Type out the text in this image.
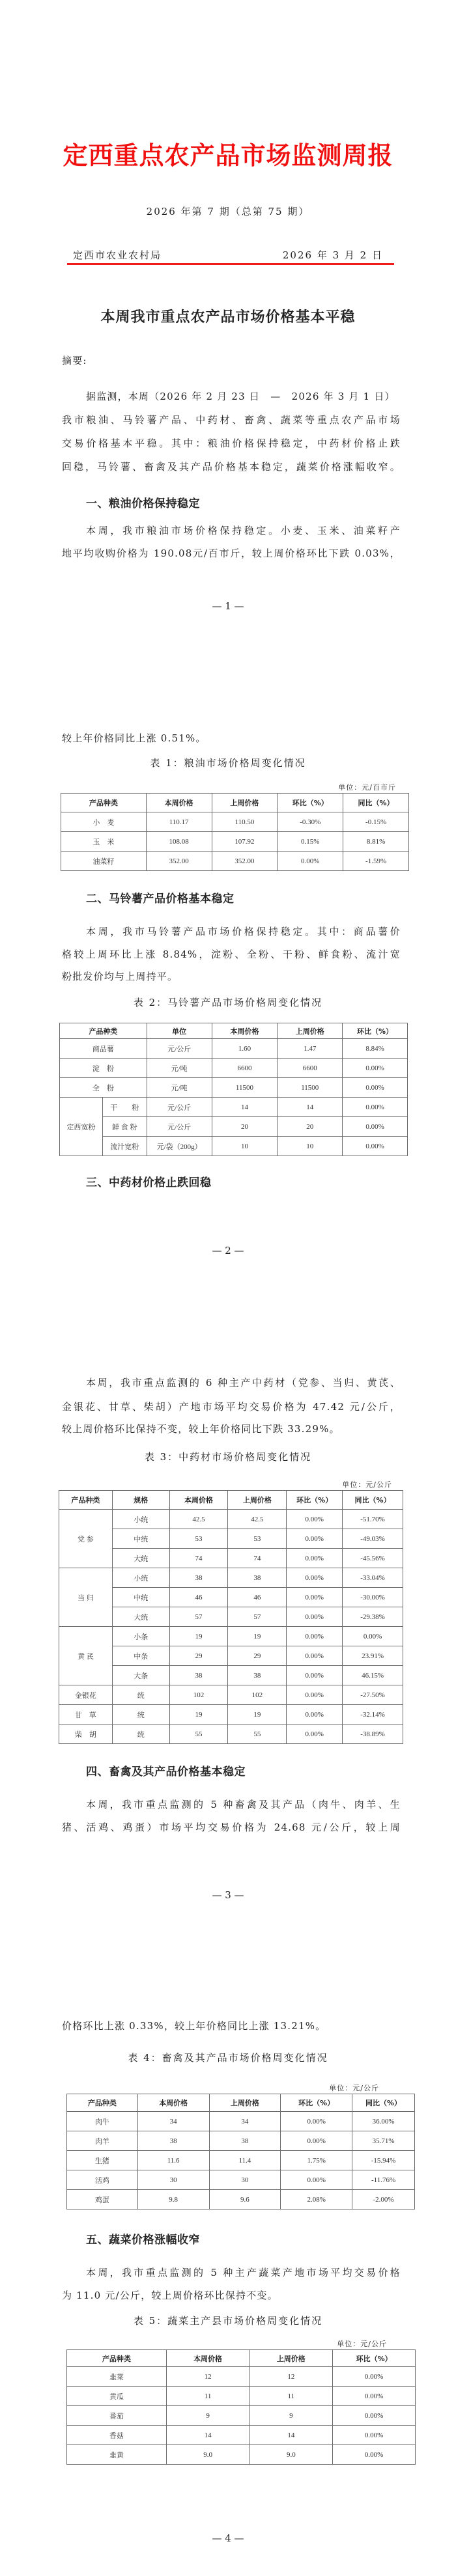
定西重点农产品市场监测周报
2026 年第 7 期（总第 75 期）
定西市农业农村局	2026 年 3 月 2 日
本周我市重点农产品市场价格基本平稳
摘要:
据监测，本周（2026 年 2 月 23 日　—　2026 年 3 月 1 日）
我市粮油、马铃薯产品、中药材、畜禽、蔬菜等重点农产品市场
交易价格基本平稳。其中：粮油价格保持稳定，中药材价格止跌
回稳，马铃薯、畜禽及其产品价格基本稳定，蔬菜价格涨幅收窄。
一、粮油价格保持稳定
本周，我市粮油市场价格保持稳定。小麦、玉米、油菜籽产
地平均收购价格为 190.08元/百市斤，较上周价格环比下跌 0.03%，
— 1 —
较上年价格同比上涨 0.51%。
表 1：粮油市场价格周变化情况
单位：元/百市斤
产品种类	本周价格	上周价格	环比（%）	同比（%）
小　麦	110.17	110.50	-0.30%	-0.15%
玉　米	108.08	107.92	0.15%	8.81%
油菜籽	352.00	352.00	0.00%	-1.59%
二、马铃薯产品价格基本稳定
本周，我市马铃薯产品市场价格保持稳定。其中：商品薯价
格较上周环比上涨 8.84%，淀粉、全粉、干粉、鲜食粉、流汁宽
粉批发价均与上周持平。
表 2：马铃薯产品市场价格周变化情况
产品种类		单位	本周价格	上周价格	环比（%）
商品薯		元/公斤	1.60	1.47	8.84%
淀　粉		元/吨	6600	6600	0.00%
全　粉		元/吨	11500	11500	0.00%
定西宽粉	干　　粉	元/公斤	14	14	0.00%
	鲜 食 粉	元/公斤	20	20	0.00%
	流汁宽粉	元/袋（200g）	10	10	0.00%
三、中药材价格止跌回稳
— 2 —
本周，我市重点监测的 6 种主产中药材（党参、当归、黄芪、
金银花、甘草、柴胡）产地市场平均交易价格为 47.42 元/公斤，
较上周价格环比保持不变，较上年价格同比下跌 33.29%。
表 3：中药材市场价格周变化情况
单位：元/公斤
产品种类	规格	本周价格	上周价格	环比（%）	同比（%）
党 参	小统	42.5	42.5	0.00%	-51.70%
	中统	53	53	0.00%	-49.03%
	大统	74	74	0.00%	-45.56%
当 归	小统	38	38	0.00%	-33.04%
	中统	46	46	0.00%	-30.00%
	大统	57	57	0.00%	-29.38%
黄 芪	小条	19	19	0.00%	0.00%
	中条	29	29	0.00%	23.91%
	大条	38	38	0.00%	46.15%
金银花	统	102	102	0.00%	-27.50%
甘　草	统	19	19	0.00%	-32.14%
柴　胡	统	55	55	0.00%	-38.89%
四、畜禽及其产品价格基本稳定
本周，我市重点监测的 5 种畜禽及其产品（肉牛、肉羊、生
猪、活鸡、鸡蛋）市场平均交易价格为 24.68 元/公斤，较上周
— 3 —
价格环比上涨 0.33%，较上年价格同比上涨 13.21%。
表 4：畜禽及其产品市场价格周变化情况
单位：元/公斤
产品种类	本周价格	上周价格	环比（%）	同比（%）
肉牛	34	34	0.00%	36.00%
肉羊	38	38	0.00%	35.71%
生猪	11.6	11.4	1.75%	-15.94%
活鸡	30	30	0.00%	-11.76%
鸡蛋	9.8	9.6	2.08%	-2.00%
五、蔬菜价格涨幅收窄
本周，我市重点监测的 5 种主产蔬菜产地市场平均交易价格
为 11.0 元/公斤，较上周价格环比保持不变。
表 5：蔬菜主产县市场价格周变化情况
单位：元/公斤
产品种类	本周价格	上周价格	环比（%）
韭菜	12	12	0.00%
黄瓜	11	11	0.00%
番茄	9	9	0.00%
香菇	14	14	0.00%
韭黄	9.0	9.0	0.00%
— 4 —
